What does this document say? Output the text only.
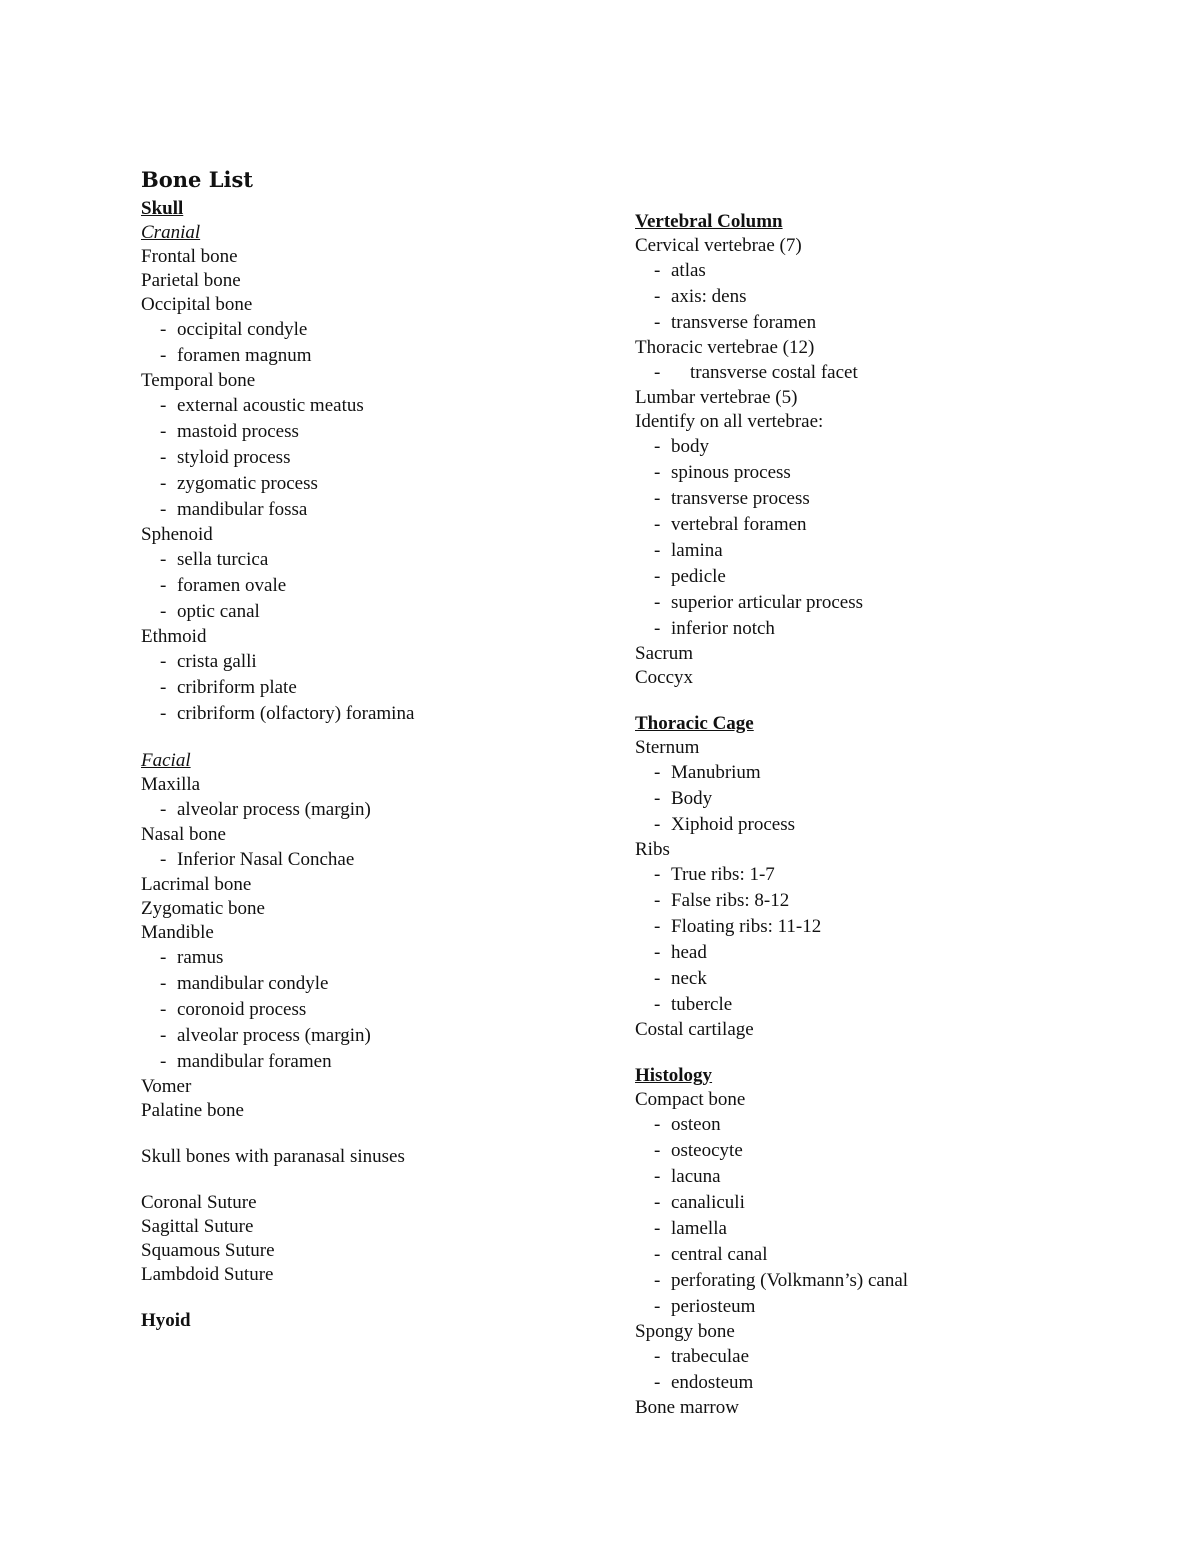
Bone List
Skull
Cranial
Frontal bone
Parietal bone
Occipital bone
- occipital condyle
- foramen magnum
Temporal bone
- external acoustic meatus
- mastoid process
- styloid process
- zygomatic process
- mandibular fossa
Sphenoid
- sella turcica
- foramen ovale
- optic canal
Ethmoid
- crista galli
- cribriform plate
- cribriform (olfactory) foramina
Facial
Maxilla
- alveolar process (margin)
Nasal bone
- Inferior Nasal Conchae
Lacrimal bone
Zygomatic bone
Mandible
- ramus
- mandibular condyle
- coronoid process
- alveolar process (margin)
- mandibular foramen
Vomer
Palatine bone
Skull bones with paranasal sinuses
Coronal Suture
Sagittal Suture
Squamous Suture
Lambdoid Suture
Hyoid
Vertebral Column
Cervical vertebrae (7)
- atlas
- axis: dens
- transverse foramen
Thoracic vertebrae (12)
- transverse costal facet
Lumbar vertebrae (5)
Identify on all vertebrae:
- body
- spinous process
- transverse process
- vertebral foramen
- lamina
- pedicle
- superior articular process
- inferior notch
Sacrum
Coccyx
Thoracic Cage
Sternum
- Manubrium
- Body
- Xiphoid process
Ribs
- True ribs: 1-7
- False ribs: 8-12
- Floating ribs: 11-12
- head
- neck
- tubercle
Costal cartilage
Histology
Compact bone
- osteon
- osteocyte
- lacuna
- canaliculi
- lamella
- central canal
- perforating (Volkmann’s) canal
- periosteum
Spongy bone
- trabeculae
- endosteum
Bone marrow
